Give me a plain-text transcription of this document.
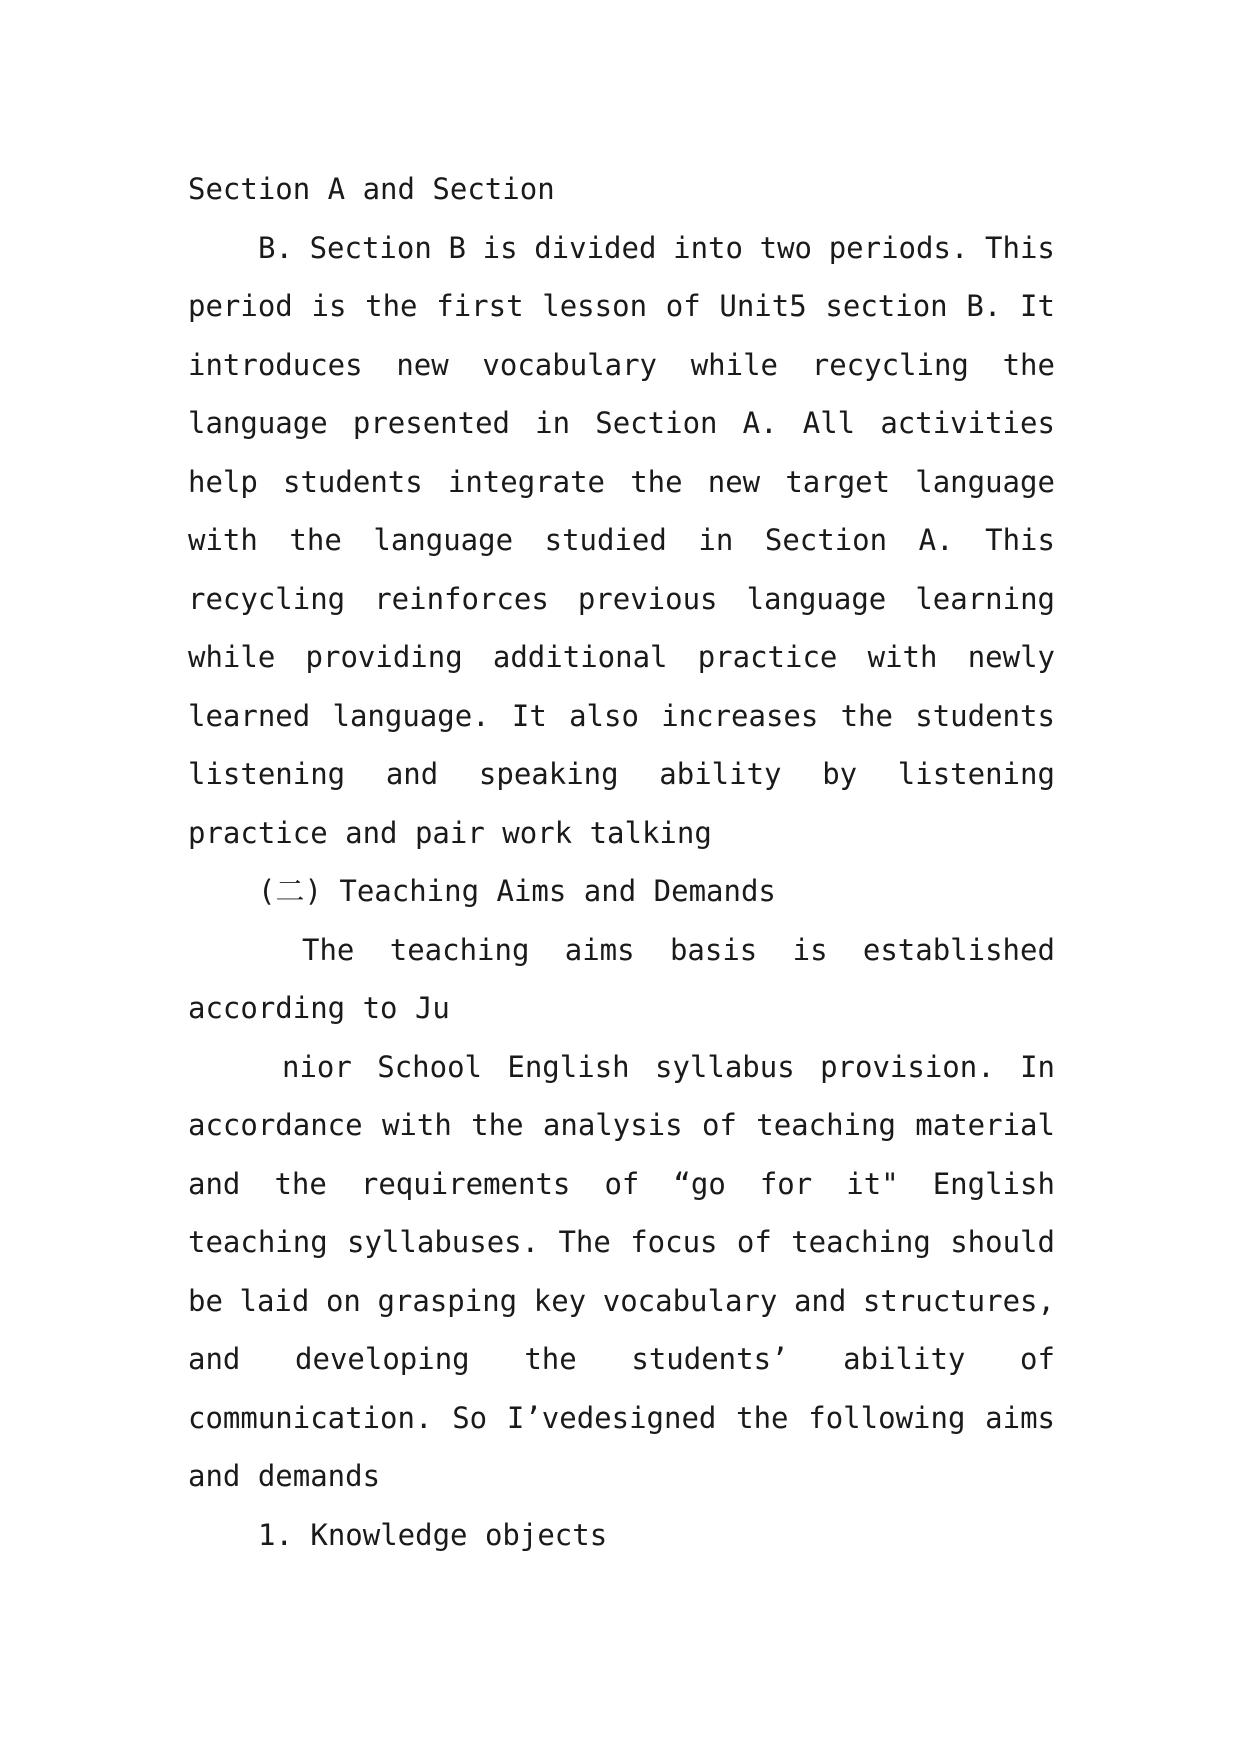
Section A and Section
B. Section B is divided into two periods. This
period is the first lesson of Unit5 section B. It
introduces new vocabulary while recycling the
language presented in Section A. All activities
help students integrate the new target language
with the language studied in Section A. This
recycling reinforces previous language learning
while providing additional practice with newly
learned language. It also increases the students
listening and speaking ability by listening
practice and pair work talking
(二) Teaching Aims and Demands
The teaching aims basis is established
according to Ju
nior School English syllabus provision. In
accordance with the analysis of teaching material
and the requirements of “go for it" English
teaching syllabuses. The focus of teaching should
be laid on grasping key vocabulary and structures,
and developing the students’ ability of
communication. So I’vedesigned the following aims
and demands
1. Knowledge objects
